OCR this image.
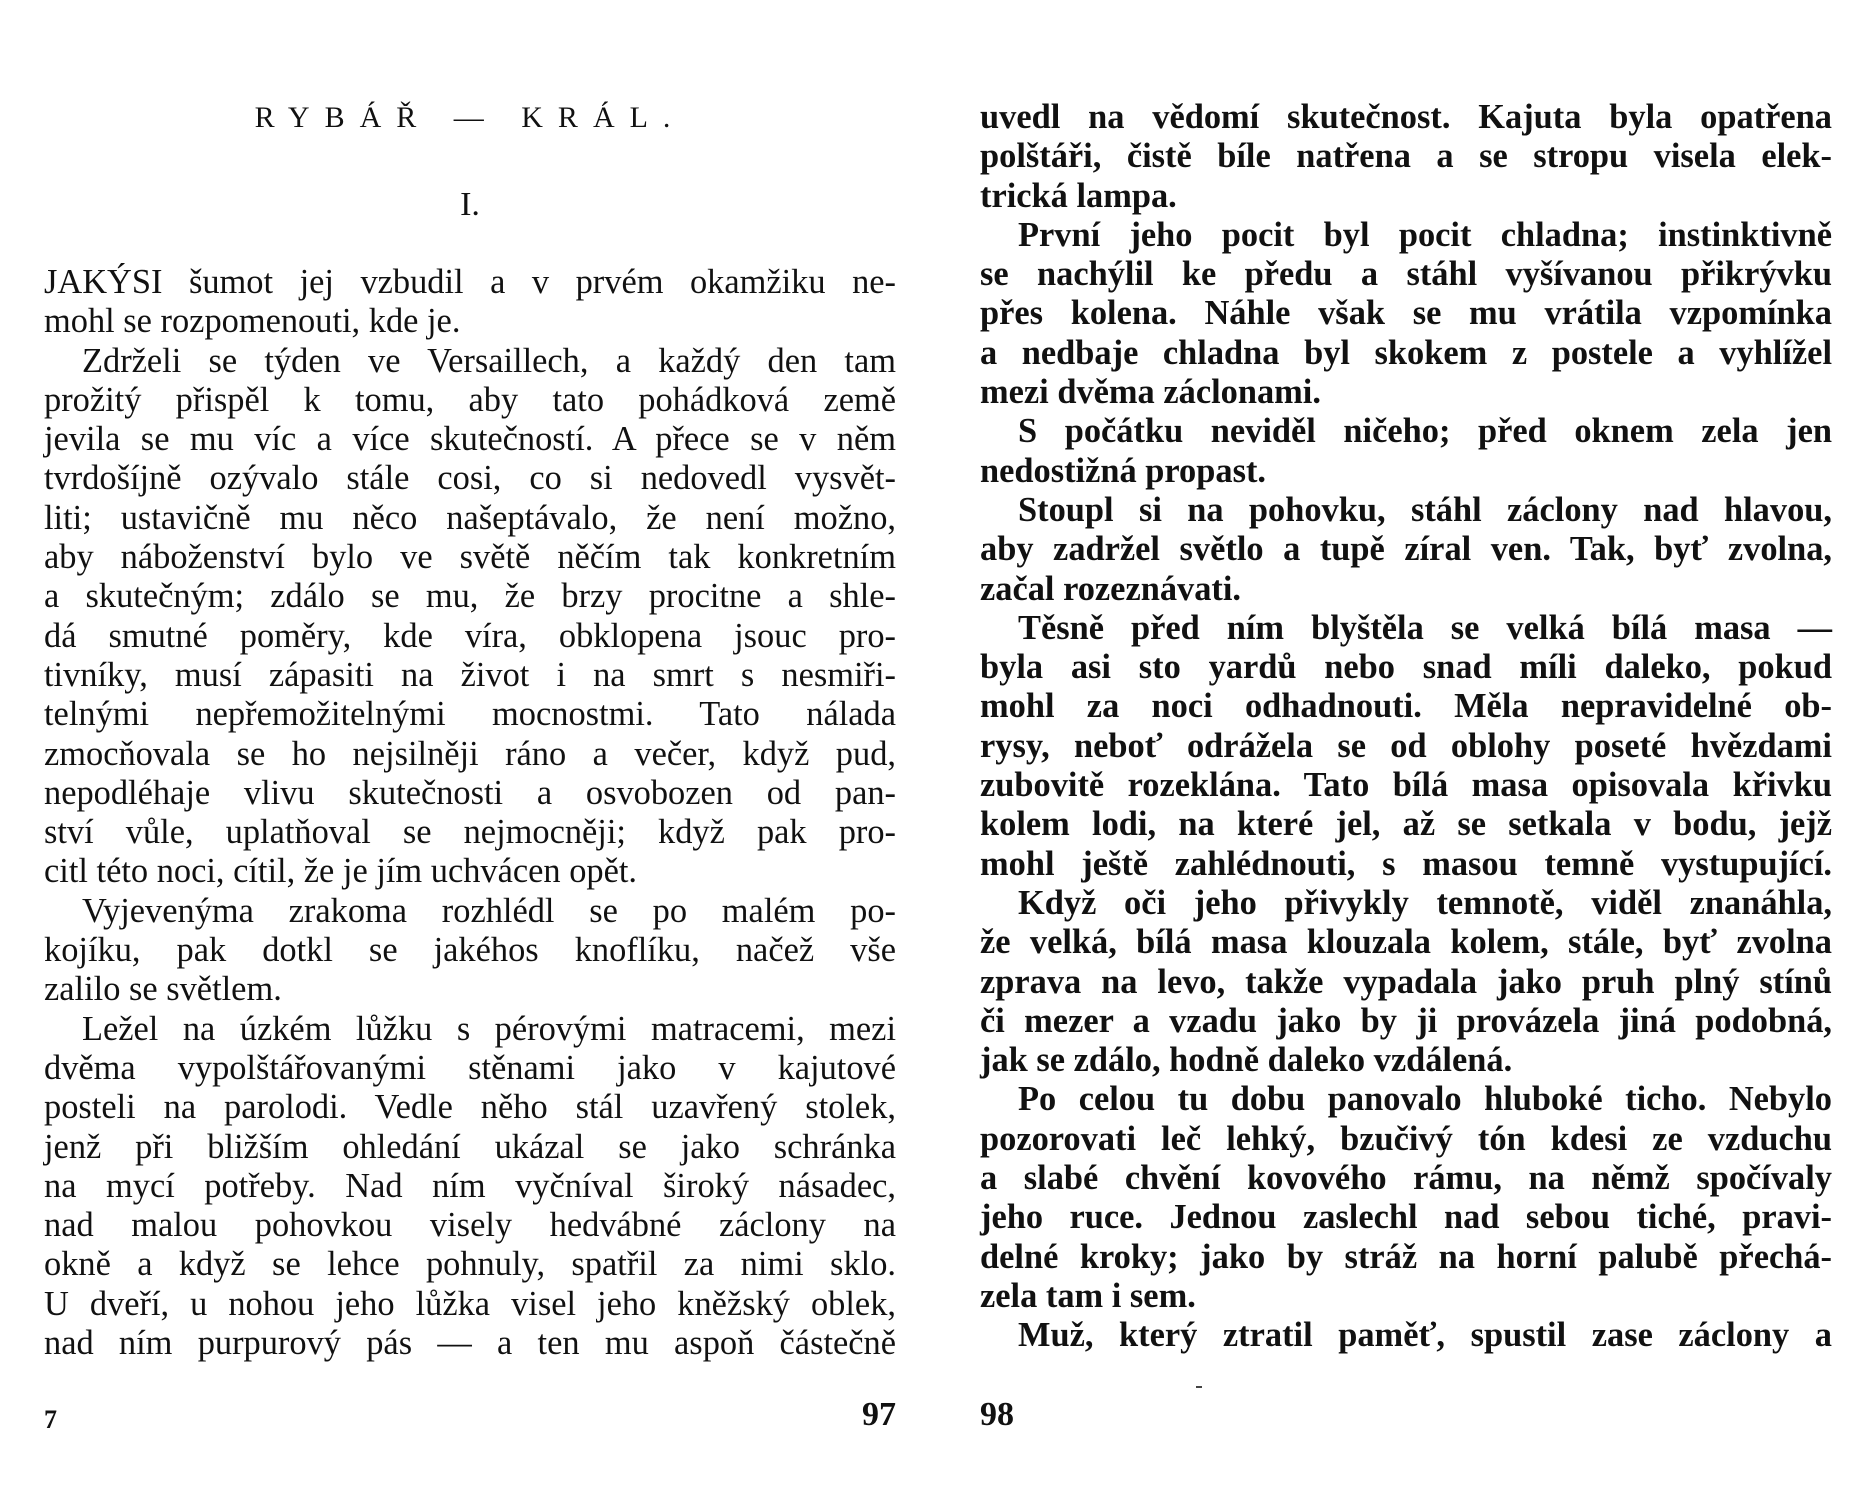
RYBÁŘ — KRÁL.
I.
JAKÝSI šumot jej vzbudil a v prvém okamžiku ne-
mohl se rozpomenouti, kde je.
Zdrželi se týden ve Versaillech, a každý den tam
prožitý přispěl k tomu, aby tato pohádková země
jevila se mu víc a více skutečností. A přece se v něm
tvrdošíjně ozývalo stále cosi, co si nedovedl vysvět-
liti; ustavičně mu něco našeptávalo, že není možno,
aby náboženství bylo ve světě něčím tak konkretním
a skutečným; zdálo se mu, že brzy procitne a shle-
dá smutné poměry, kde víra, obklopena jsouc pro-
tivníky, musí zápasiti na život i na smrt s nesmiři-
telnými nepřemožitelnými mocnostmi. Tato nálada
zmocňovala se ho nejsilněji ráno a večer, když pud,
nepodléhaje vlivu skutečnosti a osvobozen od pan-
ství vůle, uplatňoval se nejmocněji; když pak pro-
citl této noci, cítil, že je jím uchvácen opět.
Vyjevenýma zrakoma rozhlédl se po malém po-
kojíku, pak dotkl se jakéhos knoflíku, načež vše
zalilo se světlem.
Ležel na úzkém lůžku s pérovými matracemi, mezi
dvěma vypolštářovanými stěnami jako v kajutové
posteli na parolodi. Vedle něho stál uzavřený stolek,
jenž při bližším ohledání ukázal se jako schránka
na mycí potřeby. Nad ním vyčníval široký násadec,
nad malou pohovkou visely hedvábné záclony na
okně a když se lehce pohnuly, spatřil za nimi sklo.
U dveří, u nohou jeho lůžka visel jeho kněžský oblek,
nad ním purpurový pás — a ten mu aspoň částečně
7	97
uvedl na vědomí skutečnost. Kajuta byla opatřena
polštáři, čistě bíle natřena a se stropu visela elek-
trická lampa.
První jeho pocit byl pocit chladna; instinktivně
se nachýlil ke předu a stáhl vyšívanou přikrývku
přes kolena. Náhle však se mu vrátila vzpomínka
a nedbaje chladna byl skokem z postele a vyhlížel
mezi dvěma záclonami.
S počátku neviděl ničeho; před oknem zela jen
nedostižná propast.
Stoupl si na pohovku, stáhl záclony nad hlavou,
aby zadržel světlo a tupě zíral ven. Tak, byť zvolna,
začal rozeznávati.
Těsně před ním blyštěla se velká bílá masa —
byla asi sto yardů nebo snad míli daleko, pokud
mohl za noci odhadnouti. Měla nepravidelné ob-
rysy, neboť odrážela se od oblohy poseté hvězdami
zubovitě rozeklána. Tato bílá masa opisovala křivku
kolem lodi, na které jel, až se setkala v bodu, jejž
mohl ještě zahlédnouti, s masou temně vystupující.
Když oči jeho přivykly temnotě, viděl znanáhla,
že velká, bílá masa klouzala kolem, stále, byť zvolna
zprava na levo, takže vypadala jako pruh plný stínů
či mezer a vzadu jako by ji provázela jiná podobná,
jak se zdálo, hodně daleko vzdálená.
Po celou tu dobu panovalo hluboké ticho. Nebylo
pozorovati leč lehký, bzučivý tón kdesi ze vzduchu
a slabé chvění kovového rámu, na němž spočívaly
jeho ruce. Jednou zaslechl nad sebou tiché, pravi-
delné kroky; jako by stráž na horní palubě přechá-
zela tam i sem.
Muž, který ztratil paměť, spustil zase záclony a
98
